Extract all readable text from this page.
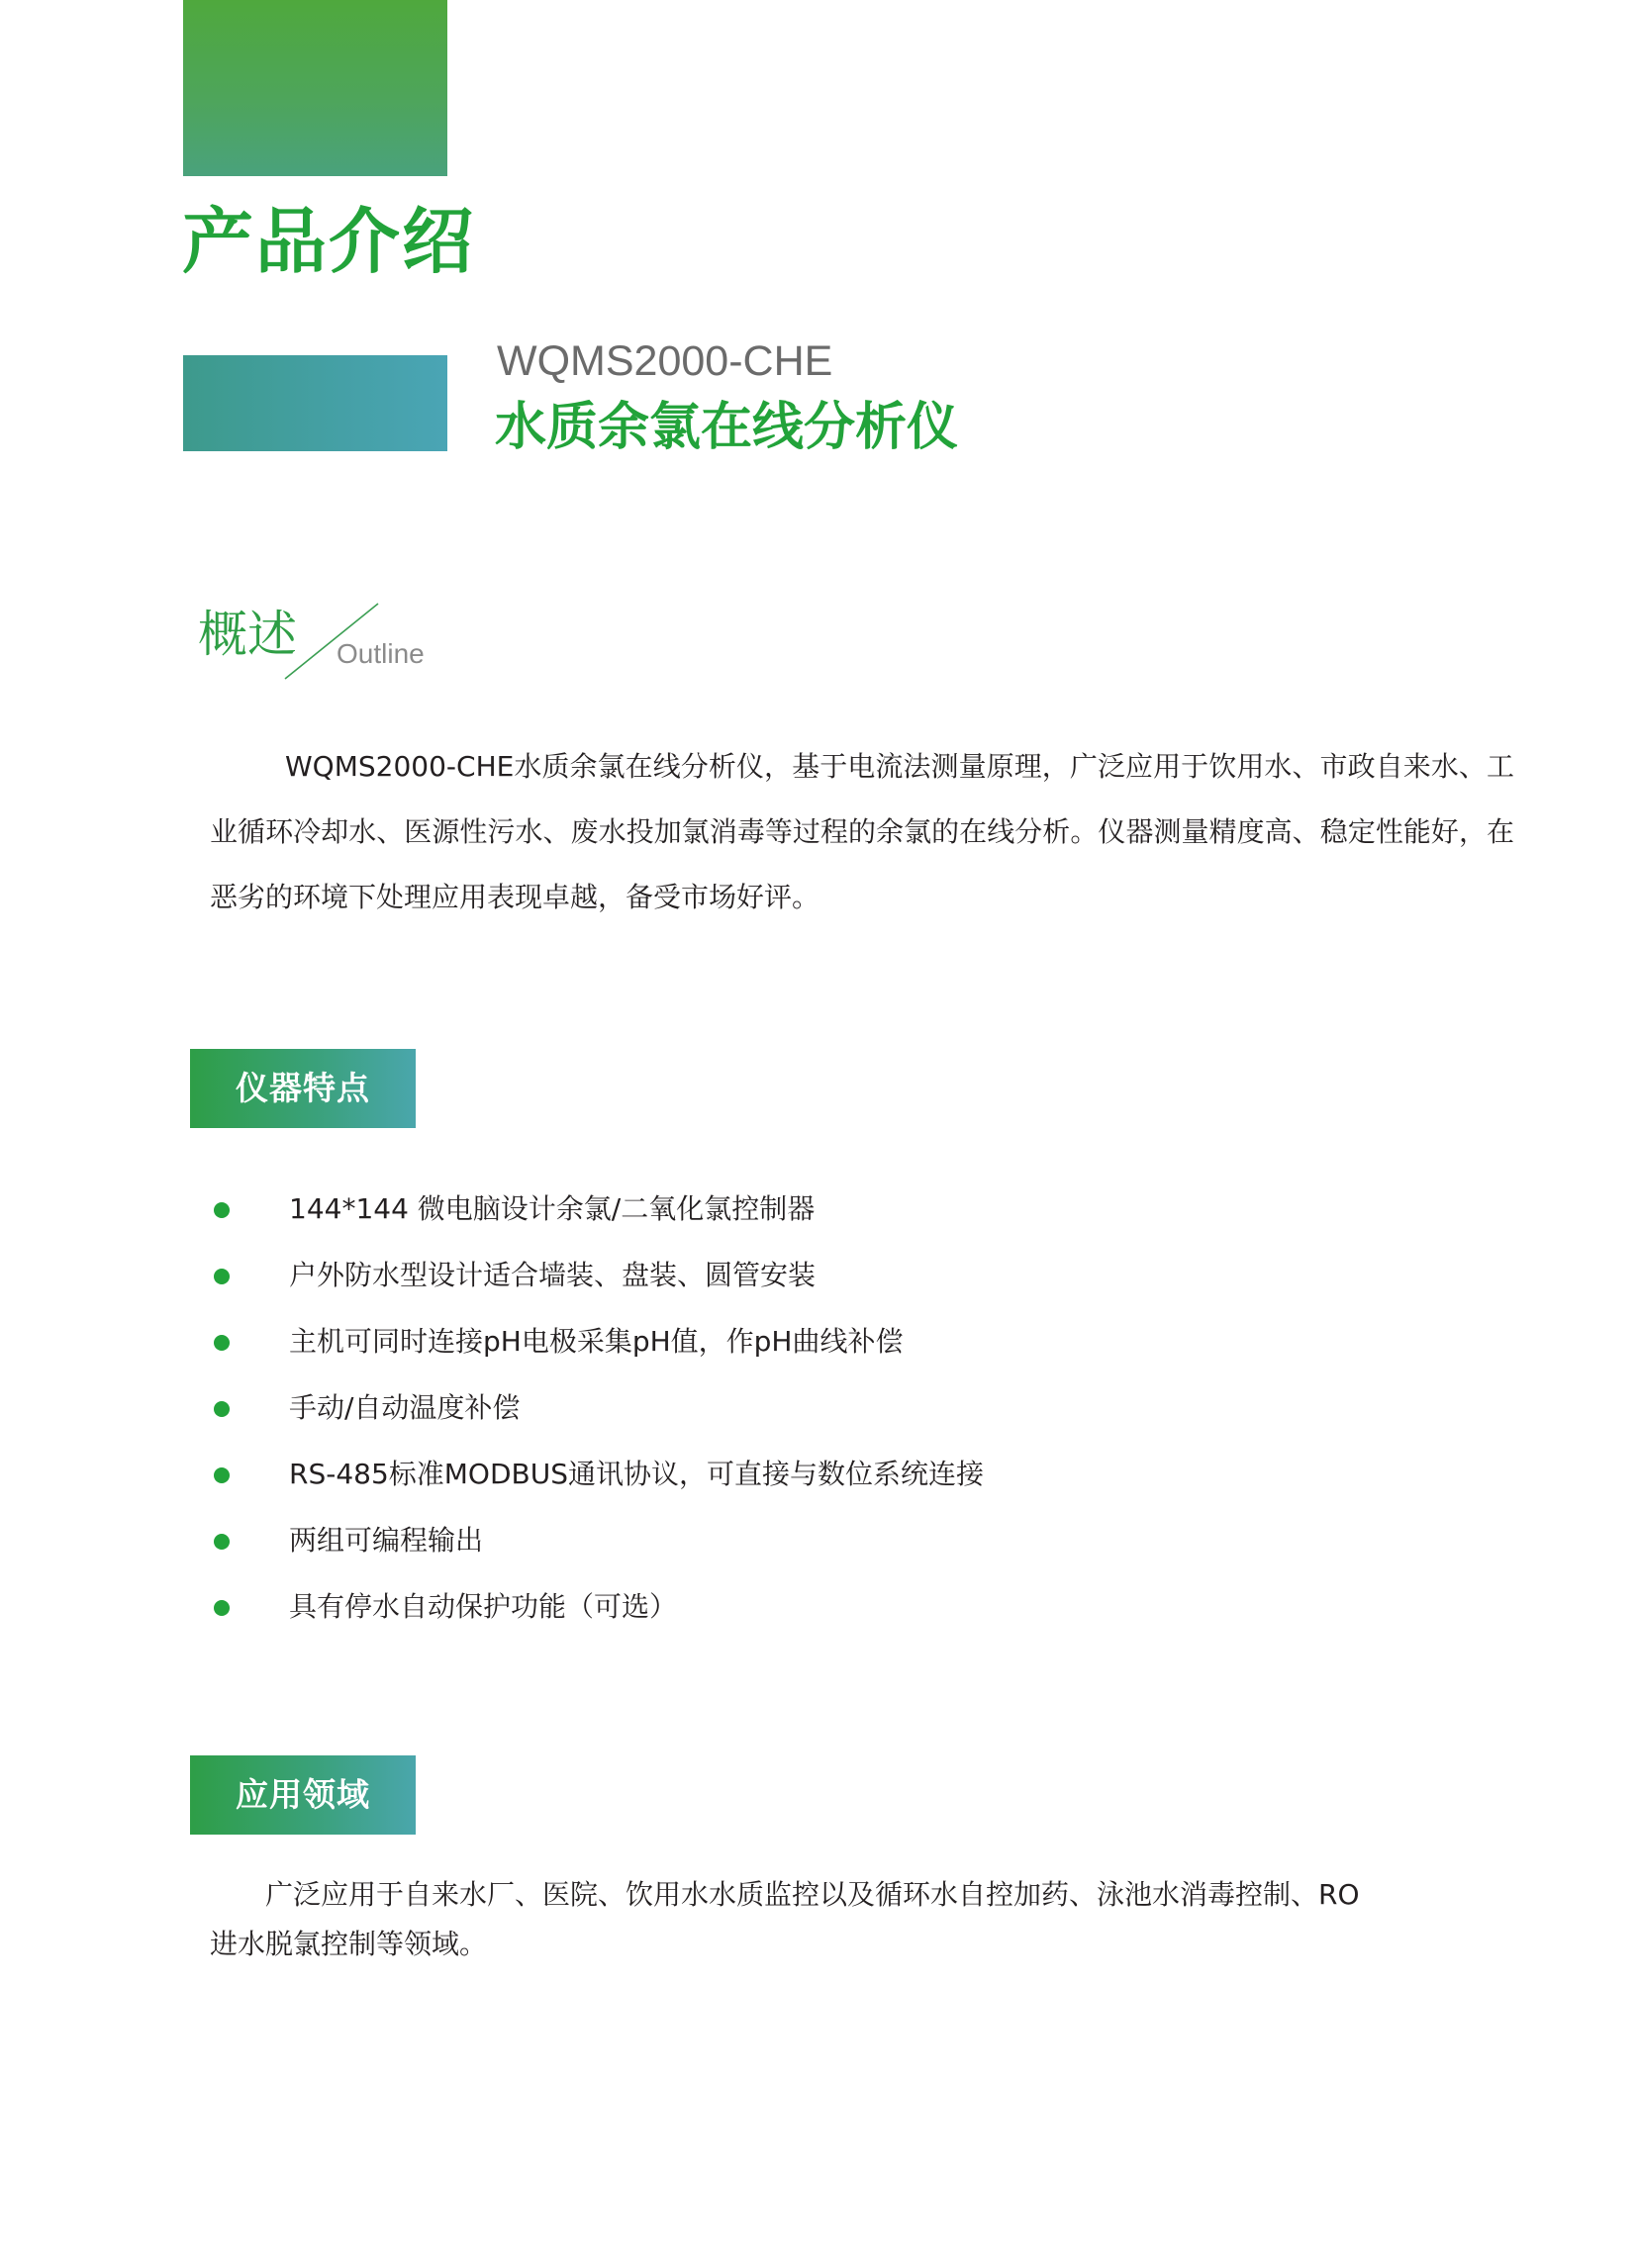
产品介绍
WQMS2000-CHE
水质余氯在线分析仪
概述 Outline

WQMS2000-CHE水质余氯在线分析仪，基于电流法测量原理，广泛应用于饮用水、市政自来水、工业循环冷却水、医源性污水、废水投加氯消毒等过程的余氯的在线分析。仪器测量精度高、稳定性能好，在恶劣的环境下处理应用表现卓越，备受市场好评。

仪器特点
144*144 微电脑设计余氯/二氧化氯控制器
户外防水型设计适合墙装、盘装、圆管安装
主机可同时连接pH电极采集pH值，作pH曲线补偿
手动/自动温度补偿
RS-485标准MODBUS通讯协议，可直接与数位系统连接
两组可编程输出
具有停水自动保护功能（可选）
应用领域

广泛应用于自来水厂、医院、饮用水水质监控以及循环水自控加药、泳池水消毒控制、RO进水脱氯控制等领域。
